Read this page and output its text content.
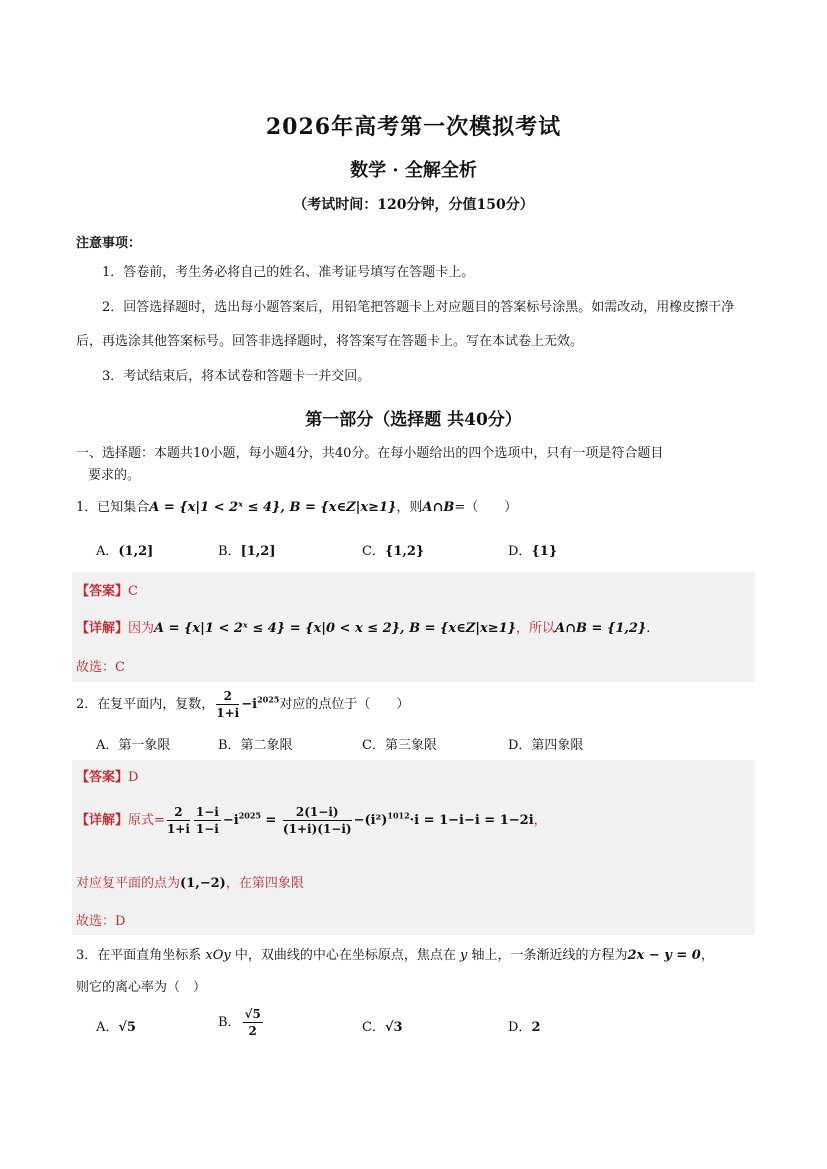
2026年高考第一次模拟考试
数学 · 全解全析
（考试时间：120分钟，分值150分）
注意事项：
1．答卷前，考生务必将自己的姓名、准考证号填写在答题卡上。
2．回答选择题时，选出每小题答案后，用铅笔把答题卡上对应题目的答案标号涂黑。如需改动，用橡皮擦干净后，再选涂其他答案标号。回答非选择题时，将答案写在答题卡上。写在本试卷上无效。
3．考试结束后，将本试卷和答题卡一并交回。
第一部分（选择题 共40分）
一、选择题：本题共10小题，每小题4分，共40分。在每小题给出的四个选项中，只有一项是符合题目
要求的。
1．已知集合A = {x|1 < 2ˣ ≤ 4}, B = {x∈Z|x≥1}，则A∩B=（　　）
A．(1,2]	B．[1,2]	C．{1,2}	D．{1}
【答案】C
【详解】因为A = {x|1 < 2ˣ ≤ 4} = {x|0 < x ≤ 2}, B = {x∈Z|x≥1}，所以A∩B = {1,2}.
故选：C
2．在复平面内，复数， $\frac{2}{1+i} -i^{2025}$对应的点位于（　　）
A．第一象限	B．第二象限	C．第三象限	D．第四象限
【答案】D
【详解】原式= $\frac{2}{1+i} \frac{1-i}{1-i} -i^{2025} = \frac{2(1-i)}{(1+i)(1-i)} -(i^2)^{1012}\cdot i = 1-i-i = 1-2i$，
对应复平面的点为(1,−2)，在第四象限
故选：D
3．在平面直角坐标系 xOy 中，双曲线的中心在坐标原点，焦点在 y 轴上，一条渐近线的方程为2x − y = 0，
则它的离心率为（　）
A．√5	B． $\frac{√5}{2}$	C．√3	D．2
